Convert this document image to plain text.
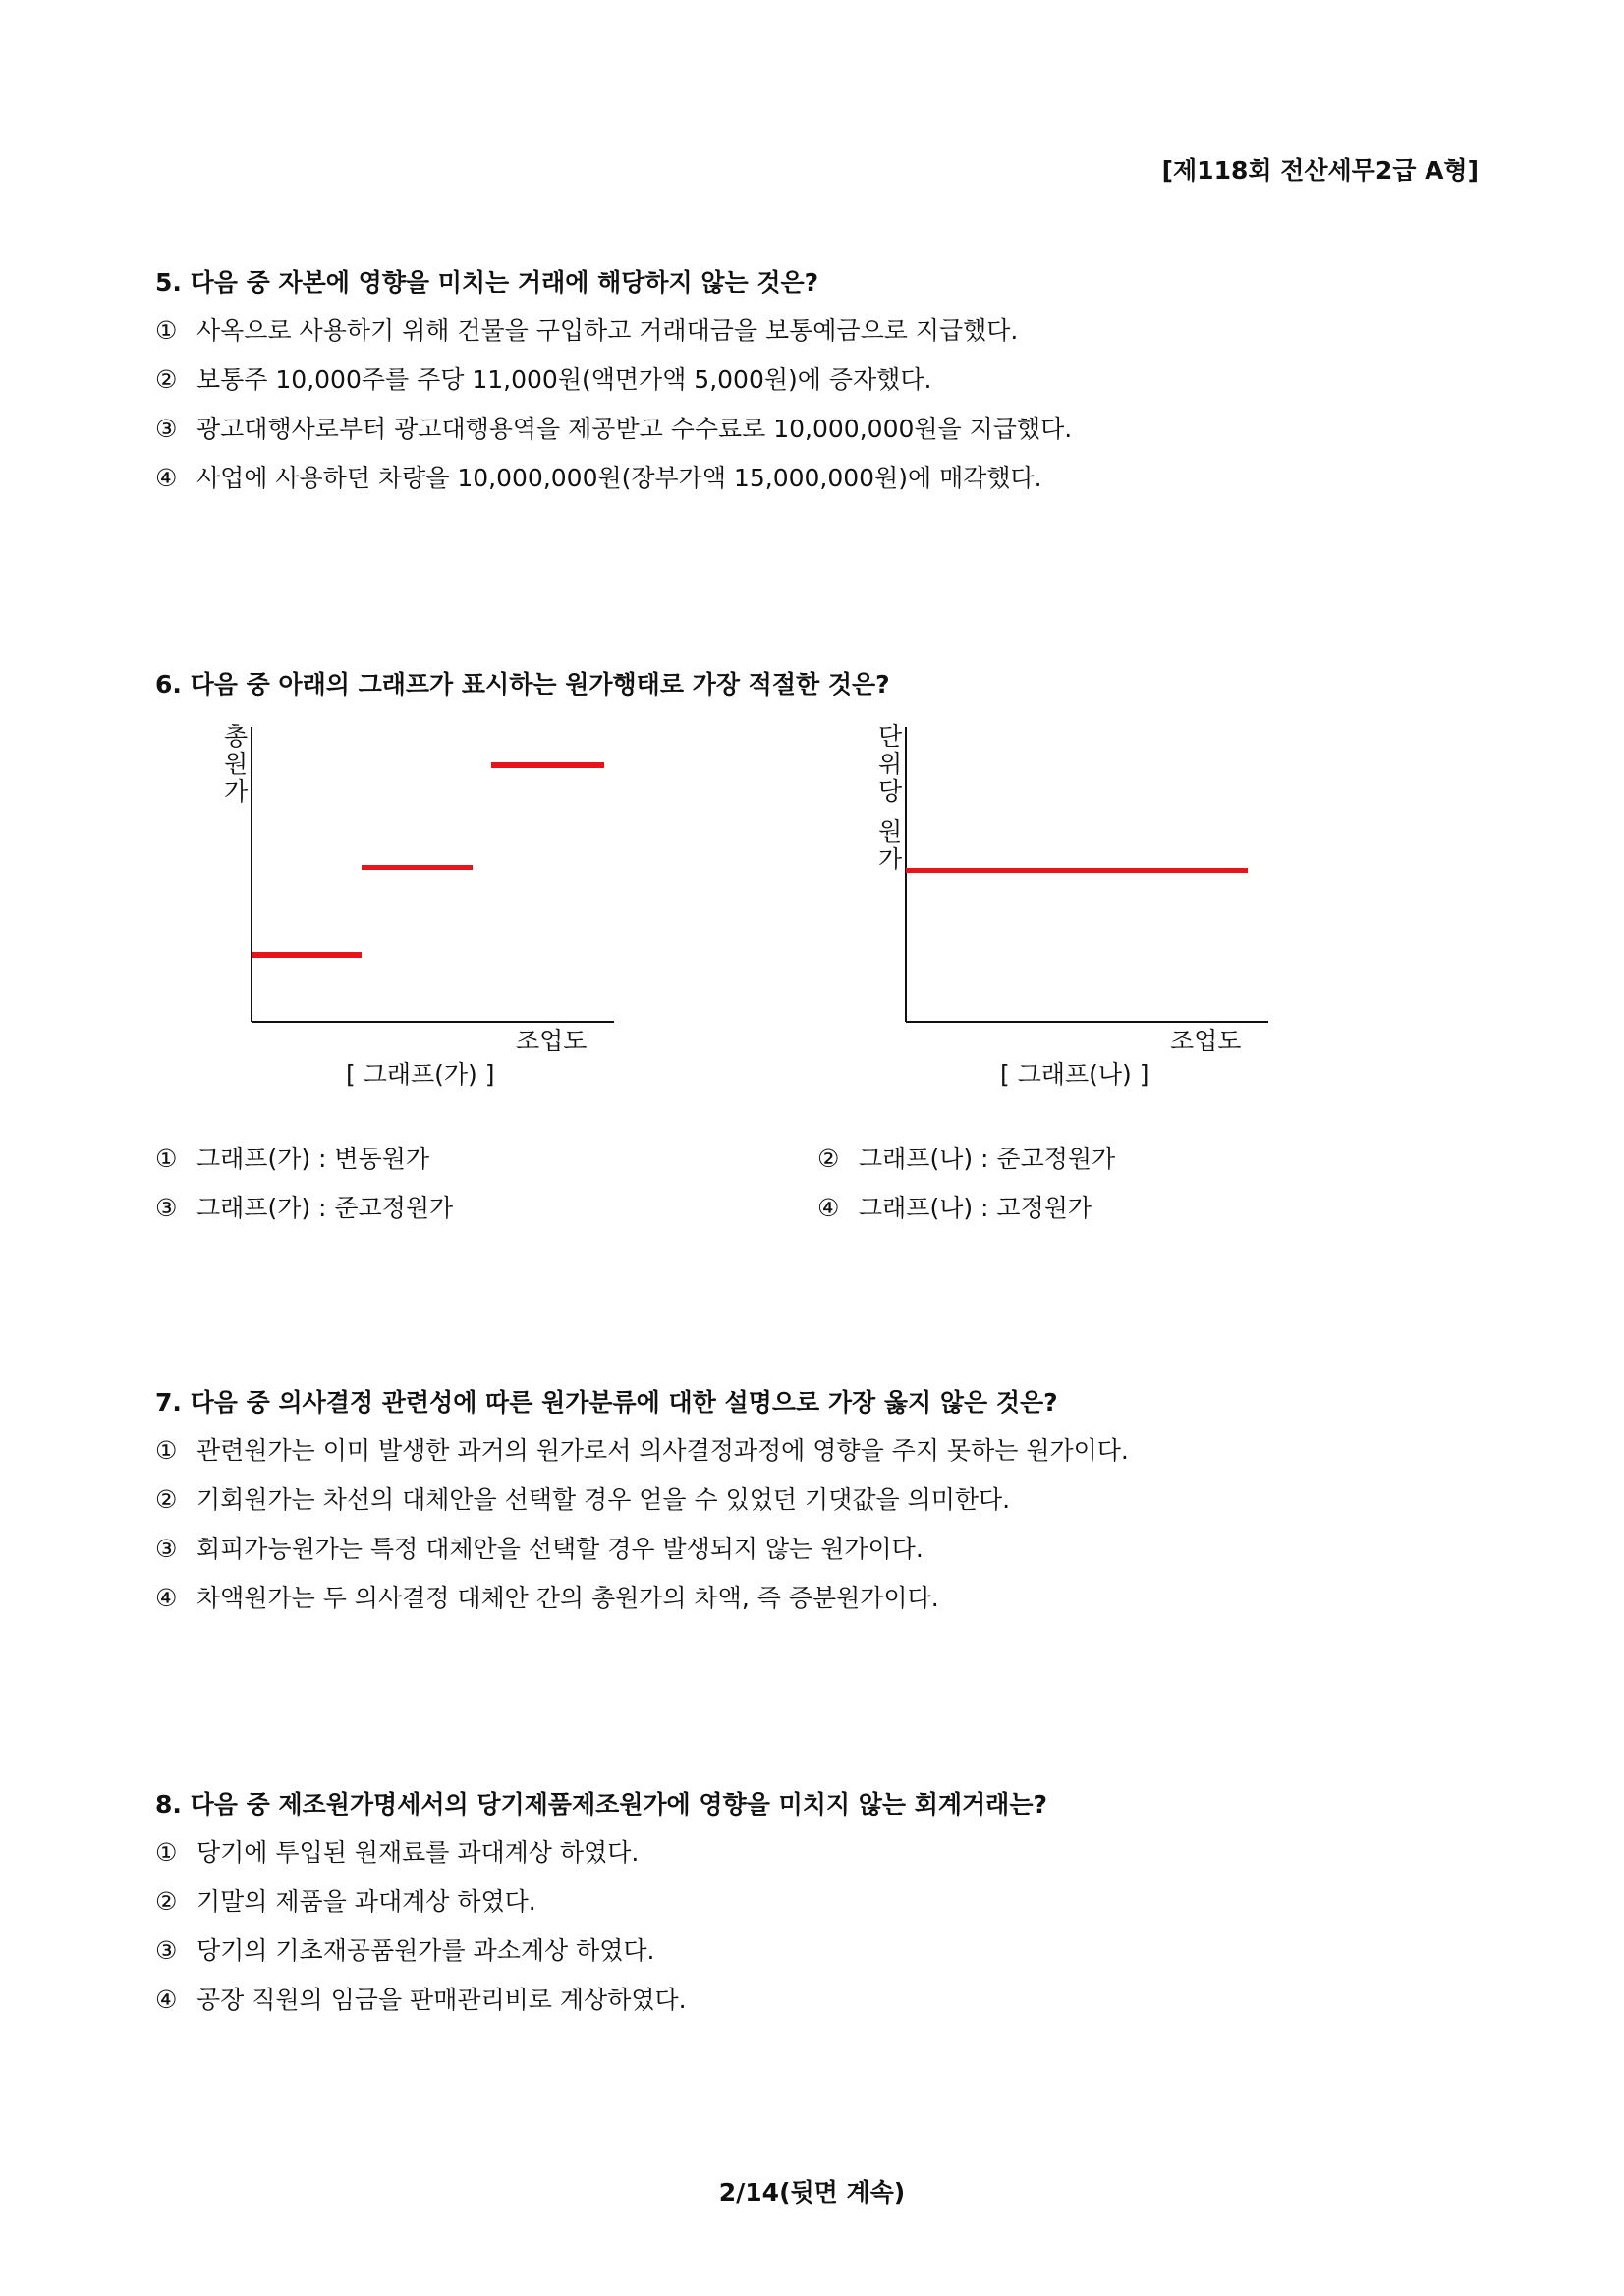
[제118회 전산세무2급 A형]

5. 다음 중 자본에 영향을 미치는 거래에 해당하지 않는 것은?

① 사옥으로 사용하기 위해 건물을 구입하고 거래대금을 보통예금으로 지급했다.
② 보통주 10,000주를 주당 11,000원(액면가액 5,000원)에 증자했다.
③ 광고대행사로부터 광고대행용역을 제공받고 수수료로 10,000,000원을 지급했다.
④ 사업에 사용하던 차량을 10,000,000원(장부가액 15,000,000원)에 매각했다.

6. 다음 중 아래의 그래프가 표시하는 원가행태로 가장 적절한 것은?

총
원
가
조업도
[ 그래프(가) ]
단
위
당
원
가
조업도
[ 그래프(나) ]
① 그래프(가) : 변동원가	② 그래프(나) : 준고정원가
③ 그래프(가) : 준고정원가	④ 그래프(나) : 고정원가

7. 다음 중 의사결정 관련성에 따른 원가분류에 대한 설명으로 가장 옳지 않은 것은?

① 관련원가는 이미 발생한 과거의 원가로서 의사결정과정에 영향을 주지 못하는 원가이다.
② 기회원가는 차선의 대체안을 선택할 경우 얻을 수 있었던 기댓값을 의미한다.
③ 회피가능원가는 특정 대체안을 선택할 경우 발생되지 않는 원가이다.
④ 차액원가는 두 의사결정 대체안 간의 총원가의 차액, 즉 증분원가이다.

8. 다음 중 제조원가명세서의 당기제품제조원가에 영향을 미치지 않는 회계거래는?

① 당기에 투입된 원재료를 과대계상 하였다.
② 기말의 제품을 과대계상 하였다.
③ 당기의 기초재공품원가를 과소계상 하였다.
④ 공장 직원의 임금을 판매관리비로 계상하였다.
2/14(뒷면 계속)
